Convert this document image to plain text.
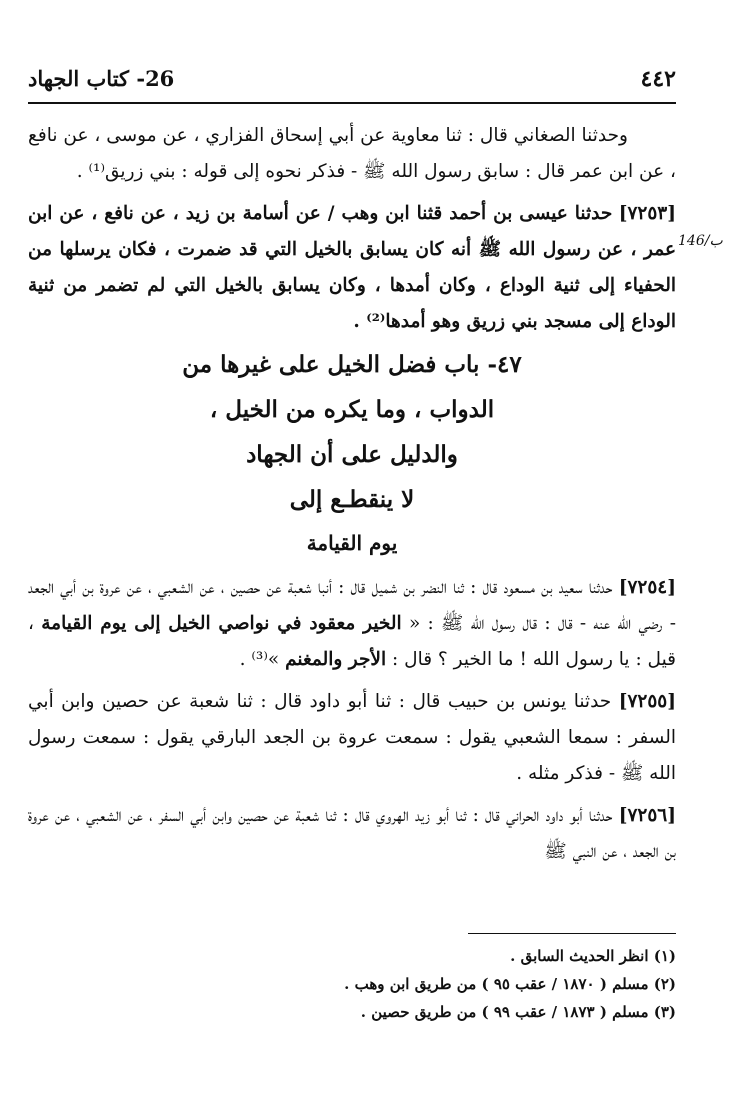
٤٤٢
26- كتاب الجهاد
146/ب

وحدثنا الصغاني قال : ثنا معاوية عن أبي إسحاق الفزاري ، عن موسى ، عن نافع ، عن ابن عمر قال : سابق رسول الله ﷺ - فذكر نحوه إلى قوله : بني زريق⁽¹⁾ .

[٧٢٥٣] حدثنا عيسى بن أحمد قثنا ابن وهب / عن أسامة بن زيد ، عن نافع ، عن ابن عمر ، عن رسول الله ﷺ أنه كان يسابق بالخيل التي قد ضمرت ، فكان يرسلها من الحفياء إلى ثنية الوداع ، وكان أمدها ، وكان يسابق بالخيل التي لم تضمر من ثنية الوداع إلى مسجد بني زريق وهو أمدها⁽²⁾ .

٤٧- باب فضل الخيل على غيرها من

الدواب ، وما يكره من الخيل ،

والدليل على أن الجهاد

لا ينقطـع إلى

يوم القيامة

[٧٢٥٤] حدثنا سعيد بن مسعود قال : ثنا النضر بن شميل قال : أنبا شعبة عن حصين ، عن الشعبي ، عن عروة بن أبي الجعد - رضي الله عنه - قال : قال رسول الله ﷺ : « الخير معقود في نواصي الخيل إلى يوم القيامة ، قيل : يا رسول الله ! ما الخير ؟ قال : الأجر والمغنم »⁽³⁾ .

[٧٢٥٥] حدثنا يونس بن حبيب قال : ثنا أبو داود قال : ثنا شعبة عن حصين وابن أبي السفر : سمعا الشعبي يقول : سمعت عروة بن الجعد البارقي يقول : سمعت رسول الله ﷺ - فذكر مثله .

[٧٢٥٦] حدثنا أبو داود الحراني قال : ثنا أبو زيد الهروي قال : ثنا شعبة عن حصين وابن أبي السفر ، عن الشعبي ، عن عروة بن الجعد ، عن النبي ﷺ

(١) انظر الحديث السابق .

(٢) مسلم ( ١٨٧٠ / عقب ٩٥ ) من طريق ابن وهب .

(٣) مسلم ( ١٨٧٣ / عقب ٩٩ ) من طريق حصين .
